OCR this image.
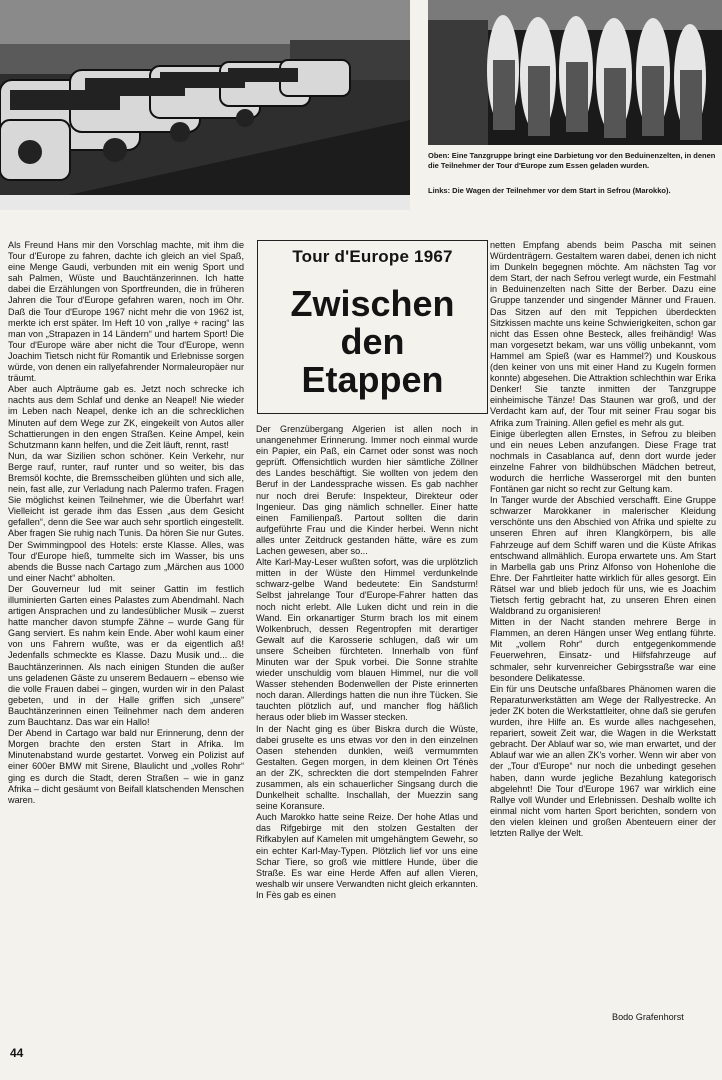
Oben: Eine Tanzgruppe bringt eine Darbietung vor den Beduinenzelten, in denen die Teilnehmer der Tour d'Europe zum Essen geladen wurden.
Links: Die Wagen der Teilnehmer vor dem Start in Sefrou (Marokko).

Als Freund Hans mir den Vorschlag machte, mit ihm die Tour d'Europe zu fahren, dachte ich gleich an viel Spaß, eine Menge Gaudi, verbunden mit ein wenig Sport und sah Palmen, Wüste und Bauchtänzerinnen. Ich hatte dabei die Erzählungen von Sportfreunden, die in früheren Jahren die Tour d'Europe gefahren waren, noch im Ohr. Daß die Tour d'Europe 1967 nicht mehr die von 1962 ist, merkte ich erst später. Im Heft 10 von „rallye + racing“ las man von „Strapazen in 14 Ländern“ und hartem Sport! Die Tour d'Europe wäre aber nicht die Tour d'Europe, wenn Joachim Tietsch nicht für Romantik und Erlebnisse sorgen würde, von denen ein rallyefahrender Normaleuropäer nur träumt.

Aber auch Alpträume gab es. Jetzt noch schrecke ich nachts aus dem Schlaf und denke an Neapel! Nie wieder im Leben nach Neapel, denke ich an die schrecklichen Minuten auf dem Wege zur ZK, eingekeilt von Autos aller Schattierungen in den engen Straßen. Keine Ampel, kein Schutzmann kann helfen, und die Zeit läuft, rennt, rast!

Nun, da war Sizilien schon schöner. Kein Verkehr, nur Berge rauf, runter, rauf runter und so weiter, bis das Bremsöl kochte, die Bremsscheiben glühten und sich alle, nein, fast alle, zur Verladung nach Palermo trafen. Fragen Sie möglichst keinen Teilnehmer, wie die Überfahrt war! Vielleicht ist gerade ihm das Essen „aus dem Gesicht gefallen“, denn die See war auch sehr sportlich eingestellt. Aber fragen Sie ruhig nach Tunis. Da hören Sie nur Gutes. Der Swimmingpool des Hotels: erste Klasse. Alles, was Tour d'Europe hieß, tummelte sich im Wasser, bis uns abends die Busse nach Cartago zum „Märchen aus 1000 und einer Nacht“ abholten.

Der Gouverneur lud mit seiner Gattin im festlich illuminierten Garten eines Palastes zum Abendmahl. Nach artigen Ansprachen und zu landesüblicher Musik – zuerst hatte mancher davon stumpfe Zähne – wurde Gang für Gang serviert. Es nahm kein Ende. Aber wohl kaum einer von uns Fahrern wußte, was er da eigentlich aß! Jedenfalls schmeckte es Klasse. Dazu Musik und... die Bauchtänzerinnen. Als nach einigen Stunden die außer uns geladenen Gäste zu unserem Bedauern – ebenso wie die volle Frauen dabei – gingen, wurden wir in den Palast gebeten, und in der Halle griffen sich „unsere“ Bauchtänzerinnen einen Teilnehmer nach dem anderen zum Bauchtanz. Das war ein Hallo!

Der Abend in Cartago war bald nur Erinnerung, denn der Morgen brachte den ersten Start in Afrika. Im Minutenabstand wurde gestartet. Vorweg ein Polizist auf einer 600er BMW mit Sirene, Blaulicht und „volles Rohr“ ging es durch die Stadt, deren Straßen – wie in ganz Afrika – dicht gesäumt von Beifall klatschenden Menschen waren.

Tour d'Europe 1967
Zwischen
den
Etappen

Der Grenzübergang Algerien ist allen noch in unangenehmer Erinnerung. Immer noch einmal wurde ein Papier, ein Paß, ein Carnet oder sonst was noch geprüft. Offensichtlich wurden hier sämtliche Zöllner des Landes beschäftigt. Sie wollten von jedem den Beruf in der Landessprache wissen. Es gab nachher nur noch drei Berufe: Inspekteur, Direkteur oder Ingenieur. Das ging nämlich schneller. Einer hatte einen Familienpaß. Partout sollten die darin aufgeführte Frau und die Kinder herbei. Wenn nicht alles unter Zeitdruck gestanden hätte, wäre es zum Lachen gewesen, aber so...

Alte Karl-May-Leser wußten sofort, was die urplötzlich mitten in der Wüste den Himmel verdunkelnde schwarz-gelbe Wand bedeutete: Ein Sandsturm! Selbst jahrelange Tour d'Europe-Fahrer hatten das noch nicht erlebt. Alle Luken dicht und rein in die Wand. Ein orkanartiger Sturm brach los mit einem Wolkenbruch, dessen Regentropfen mit derartiger Gewalt auf die Karosserie schlugen, daß wir um unsere Scheiben fürchteten. Innerhalb von fünf Minuten war der Spuk vorbei. Die Sonne strahlte wieder unschuldig vom blauen Himmel, nur die voll Wasser stehenden Bodenwellen der Piste erinnerten noch daran. Allerdings hatten die nun ihre Tücken. Sie tauchten plötzlich auf, und mancher flog häßlich heraus oder blieb im Wasser stecken.

In der Nacht ging es über Biskra durch die Wüste, dabei gruselte es uns etwas vor den in den einzelnen Oasen stehenden dunklen, weiß vermummten Gestalten. Gegen morgen, in dem kleinen Ort Ténès an der ZK, schreckten die dort stempelnden Fahrer zusammen, als ein schauerlicher Singsang durch die Dunkelheit schallte. Inschallah, der Muezzin sang seine Koransure.

Auch Marokko hatte seine Reize. Der hohe Atlas und das Rifgebirge mit den stolzen Gestalten der Rifkabylen auf Kamelen mit umgehängtem Gewehr, so ein echter Karl-May-Typen. Plötzlich lief vor uns eine Schar Tiere, so groß wie mittlere Hunde, über die Straße. Es war eine Herde Affen auf allen Vieren, weshalb wir unsere Verwandten nicht gleich erkannten. In Fès gab es einen

netten Empfang abends beim Pascha mit seinen Würdenträgern. Gestaltem waren dabei, denen ich nicht im Dunkeln begegnen möchte. Am nächsten Tag vor dem Start, der nach Sefrou verlegt wurde, ein Festmahl in Beduinenzelten nach Sitte der Berber. Dazu eine Gruppe tanzender und singender Männer und Frauen. Das Sitzen auf den mit Teppichen überdeckten Sitzkissen machte uns keine Schwierigkeiten, schon gar nicht das Essen ohne Besteck, alles freihändig! Was man vorgesetzt bekam, war uns völlig unbekannt, vom Hammel am Spieß (war es Hammel?) und Kouskous (den keiner von uns mit einer Hand zu Kugeln formen konnte) abgesehen. Die Attraktion schlechthin war Erika Denker! Sie tanzte inmitten der Tanzgruppe einheimische Tänze! Das Staunen war groß, und der Verdacht kam auf, der Tour mit seiner Frau sogar bis Afrika zum Training. Allen gefiel es mehr als gut.

Einige überlegten allen Ernstes, in Sefrou zu bleiben und ein neues Leben anzufangen. Diese Frage trat nochmals in Casablanca auf, denn dort wurde jeder einzelne Fahrer von bildhübschen Mädchen betreut, wodurch die herrliche Wasserorgel mit den bunten Fontänen gar nicht so recht zur Geltung kam.

In Tanger wurde der Abschied verschafft. Eine Gruppe schwarzer Marokkaner in malerischer Kleidung verschönte uns den Abschied von Afrika und spielte zu unseren Ehren auf ihren Klangkörpern, bis alle Fahrzeuge auf dem Schiff waren und die Küste Afrikas entschwand allmählich. Europa erwartete uns. Am Start in Marbella gab uns Prinz Alfonso von Hohenlohe die Ehre. Der Fahrtleiter hatte wirklich für alles gesorgt. Ein Rätsel war und blieb jedoch für uns, wie es Joachim Tietsch fertig gebracht hat, zu unseren Ehren einen Waldbrand zu organisieren!

Mitten in der Nacht standen mehrere Berge in Flammen, an deren Hängen unser Weg entlang führte. Mit „vollem Rohr“ durch entgegenkommende Feuerwehren, Einsatz- und Hilfsfahrzeuge auf schmaler, sehr kurvenreicher Gebirgsstraße war eine besondere Delikatesse.

Ein für uns Deutsche unfaßbares Phänomen waren die Reparaturwerkstätten am Wege der Rallyestrecke. An jeder ZK boten die Werkstattleiter, ohne daß sie gerufen wurden, ihre Hilfe an. Es wurde alles nachgesehen, repariert, soweit Zeit war, die Wagen in die Werkstatt gebracht. Der Ablauf war so, wie man erwartet, und der Ablauf war wie an allen ZK's vorher. Wenn wir aber von der „Tour d'Europe“ nur noch die unbedingt gesehen haben, dann wurde jegliche Bezahlung kategorisch abgelehnt! Die Tour d'Europe 1967 war wirklich eine Rallye voll Wunder und Erlebnissen. Deshalb wollte ich einmal nicht vom harten Sport berichten, sondern von den vielen kleinen und großen Abenteuern einer der letzten Rallye der Welt.

Bodo Grafenhorst
44
